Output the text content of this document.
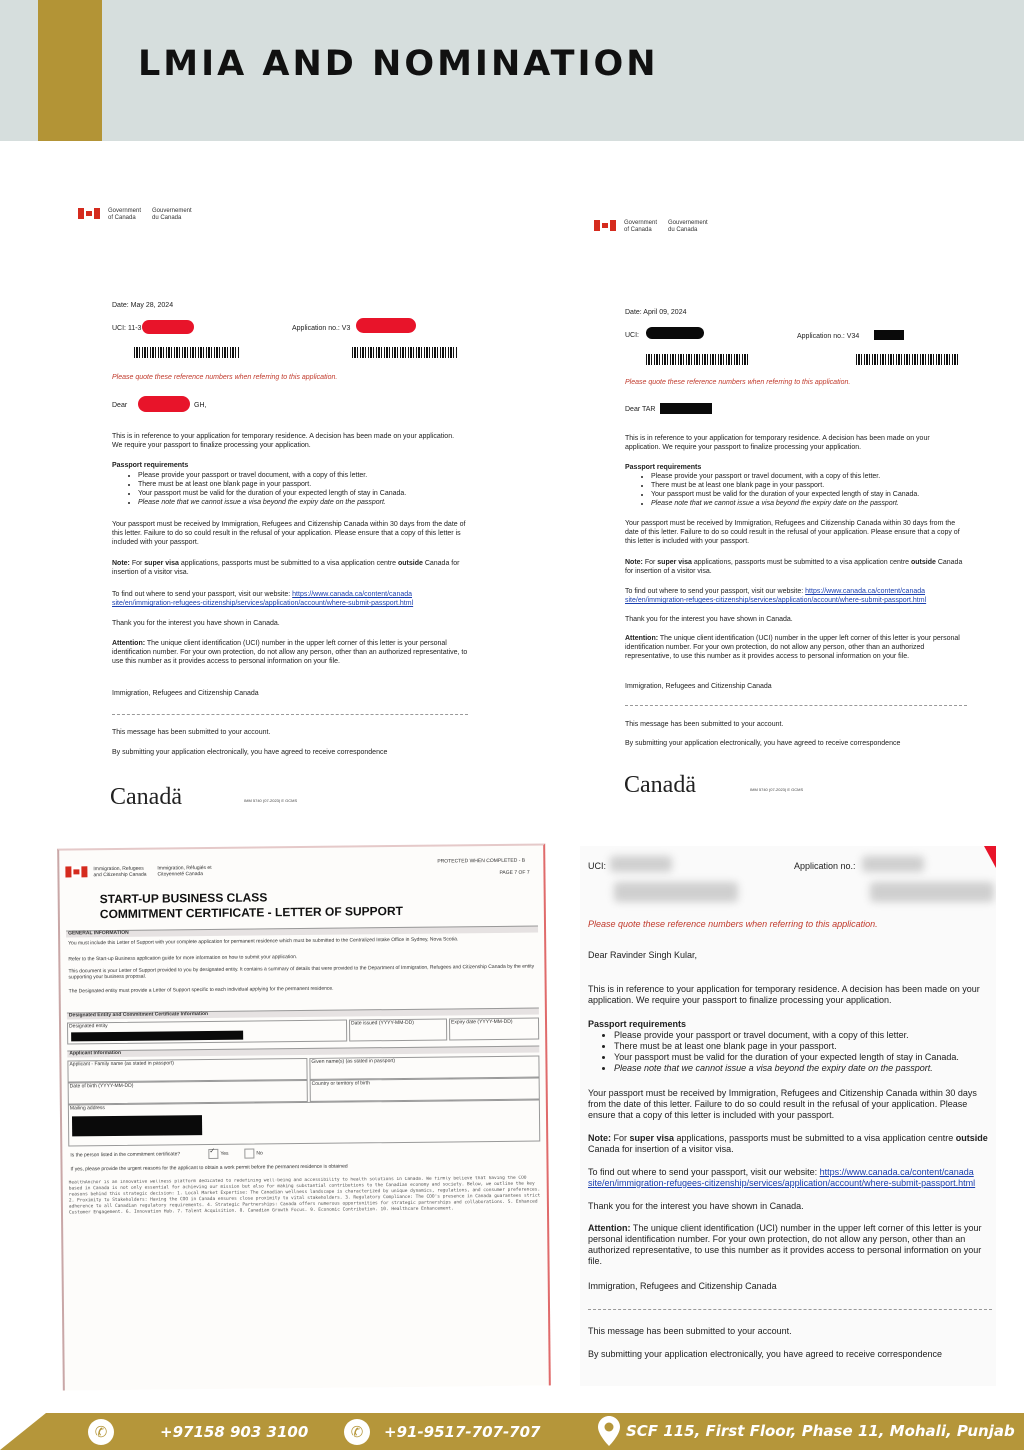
LMIA AND NOMINATION
Government of Canada
Gouvernement du Canada
Date: May 28, 2024
UCI: 11-3	Application no.: V3
Please quote these reference numbers when referring to this application.
Dear	GH,
This is in reference to your application for temporary residence. A decision has been made on your application. We require your passport to finalize processing your application.
Passport requirements
• Please provide your passport or travel document, with a copy of this letter.
• There must be at least one blank page in your passport.
• Your passport must be valid for the duration of your expected length of stay in Canada.
• Please note that we cannot issue a visa beyond the expiry date on the passport.
Your passport must be received by Immigration, Refugees and Citizenship Canada within 30 days from the date of this letter. Failure to do so could result in the refusal of your application. Please ensure that a copy of this letter is included with your passport.
Note: For super visa applications, passports must be submitted to a visa application centre outside Canada for insertion of a visitor visa.
To find out where to send your passport, visit our website: https://www.canada.ca/content/canada site/en/immigration-refugees-citizenship/services/application/account/where-submit-passport.html
Thank you for the interest you have shown in Canada.
Attention: The unique client identification (UCI) number in the upper left corner of this letter is your personal identification number. For your own protection, do not allow any person, other than an authorized representative, to use this number as it provides access to personal information on your file.
Immigration, Refugees and Citizenship Canada
This message has been submitted to your account.
By submitting your application electronically, you have agreed to receive correspondence
Canadä	IMM 5740 (07-2023) E GCMS
Government of Canada
Gouvernement du Canada
Date: April 09, 2024
UCI:	Application no.: V34
Please quote these reference numbers when referring to this application.
Dear TAR
This is in reference to your application for temporary residence. A decision has been made on your application. We require your passport to finalize processing your application.
Passport requirements
• Please provide your passport or travel document, with a copy of this letter.
• There must be at least one blank page in your passport.
• Your passport must be valid for the duration of your expected length of stay in Canada.
• Please note that we cannot issue a visa beyond the expiry date on the passport.
Your passport must be received by Immigration, Refugees and Citizenship Canada within 30 days from the date of this letter. Failure to do so could result in the refusal of your application. Please ensure that a copy of this letter is included with your passport.
Note: For super visa applications, passports must be submitted to a visa application centre outside Canada for insertion of a visitor visa.
To find out where to send your passport, visit our website: https://www.canada.ca/content/canada site/en/immigration-refugees-citizenship/services/application/account/where-submit-passport.html
Thank you for the interest you have shown in Canada.
Attention: The unique client identification (UCI) number in the upper left corner of this letter is your personal identification number. For your own protection, do not allow any person, other than an authorized representative, to use this number as it provides access to personal information on your file.
Immigration, Refugees and Citizenship Canada
This message has been submitted to your account.
By submitting your application electronically, you have agreed to receive correspondence
Canadä	IMM 5740 (07-2023) E GCMS
Immigration, Refugees and Citizenship Canada
Immigration, Réfugiés et Citoyenneté Canada
PROTECTED WHEN COMPLETED - B
PAGE 7 OF 7
START-UP BUSINESS CLASS
COMMITMENT CERTIFICATE - LETTER OF SUPPORT
GENERAL INFORMATION
You must include this Letter of Support with your complete application for permanent residence which must be submitted to the Centralized Intake Office in Sydney, Nova Scotia.
Refer to the Start-up Business application guide for more information on how to submit your application.
This document is your Letter of Support provided to you by designated entity. It contains a summary of details that were provided to the Department of Immigration, Refugees and Citizenship Canada by the entity supporting your business proposal.
The Designated entity must provide a Letter of Support specific to each individual applying for the permanent residence.
Designated Entity and Commitment Certificate Information
Designated entity	Date issued (YYYY-MM-DD)	Expiry date (YYYY-MM-DD)
Applicant Information
Applicant - Family name (as stated in passport)	Given name(s) (as stated in passport)
Date of birth (YYYY-MM-DD)	Country or territory of birth
Mailing address
Is the person listed in the commitment certificate?	✓ Yes	No
If yes, please provide the urgent reasons for the applicant to obtain a work permit before the permanent residence is obtained
HealthAnchor is an innovative wellness platform dedicated to redefining well-being and accessibility to health solutions in Canada. We firmly believe that having the COO based in Canada is not only essential for achieving our mission but also for making substantial contributions to the Canadian economy and society. Below, we outline the key reasons behind this strategic decision: 1. Local Market Expertise: The Canadian wellness landscape is characterized by unique dynamics, regulations, and consumer preferences. 2. Proximity to Stakeholders: Having the COO in Canada ensures close proximity to vital stakeholders. 3. Regulatory Compliance: The COO's presence in Canada guarantees strict adherence to all Canadian regulatory requirements. 4. Strategic Partnerships: Canada offers numerous opportunities for strategic partnerships and collaborations. 5. Enhanced Customer Engagement. 6. Innovation Hub. 7. Talent Acquisition. 8. Canadian Growth Focus. 9. Economic Contribution. 10. Healthcare Enhancement.
UCI:	Application no.:
Please quote these reference numbers when referring to this application.
Dear Ravinder Singh Kular,
This is in reference to your application for temporary residence. A decision has been made on your application. We require your passport to finalize processing your application.
Passport requirements
• Please provide your passport or travel document, with a copy of this letter.
• There must be at least one blank page in your passport.
• Your passport must be valid for the duration of your expected length of stay in Canada.
• Please note that we cannot issue a visa beyond the expiry date on the passport.
Your passport must be received by Immigration, Refugees and Citizenship Canada within 30 days from the date of this letter. Failure to do so could result in the refusal of your application. Please ensure that a copy of this letter is included with your passport.
Note: For super visa applications, passports must be submitted to a visa application centre outside Canada for insertion of a visitor visa.
To find out where to send your passport, visit our website: https://www.canada.ca/content/canada site/en/immigration-refugees-citizenship/services/application/account/where-submit-passport.html
Thank you for the interest you have shown in Canada.
Attention: The unique client identification (UCI) number in the upper left corner of this letter is your personal identification number. For your own protection, do not allow any person, other than an authorized representative, to use this number as it provides access to personal information on your file.
Immigration, Refugees and Citizenship Canada
This message has been submitted to your account.
By submitting your application electronically, you have agreed to receive correspondence
✆	+97158 903 3100	✆ +91-9517-707-707	SCF 115, First Floor, Phase 11, Mohali, Punjab
